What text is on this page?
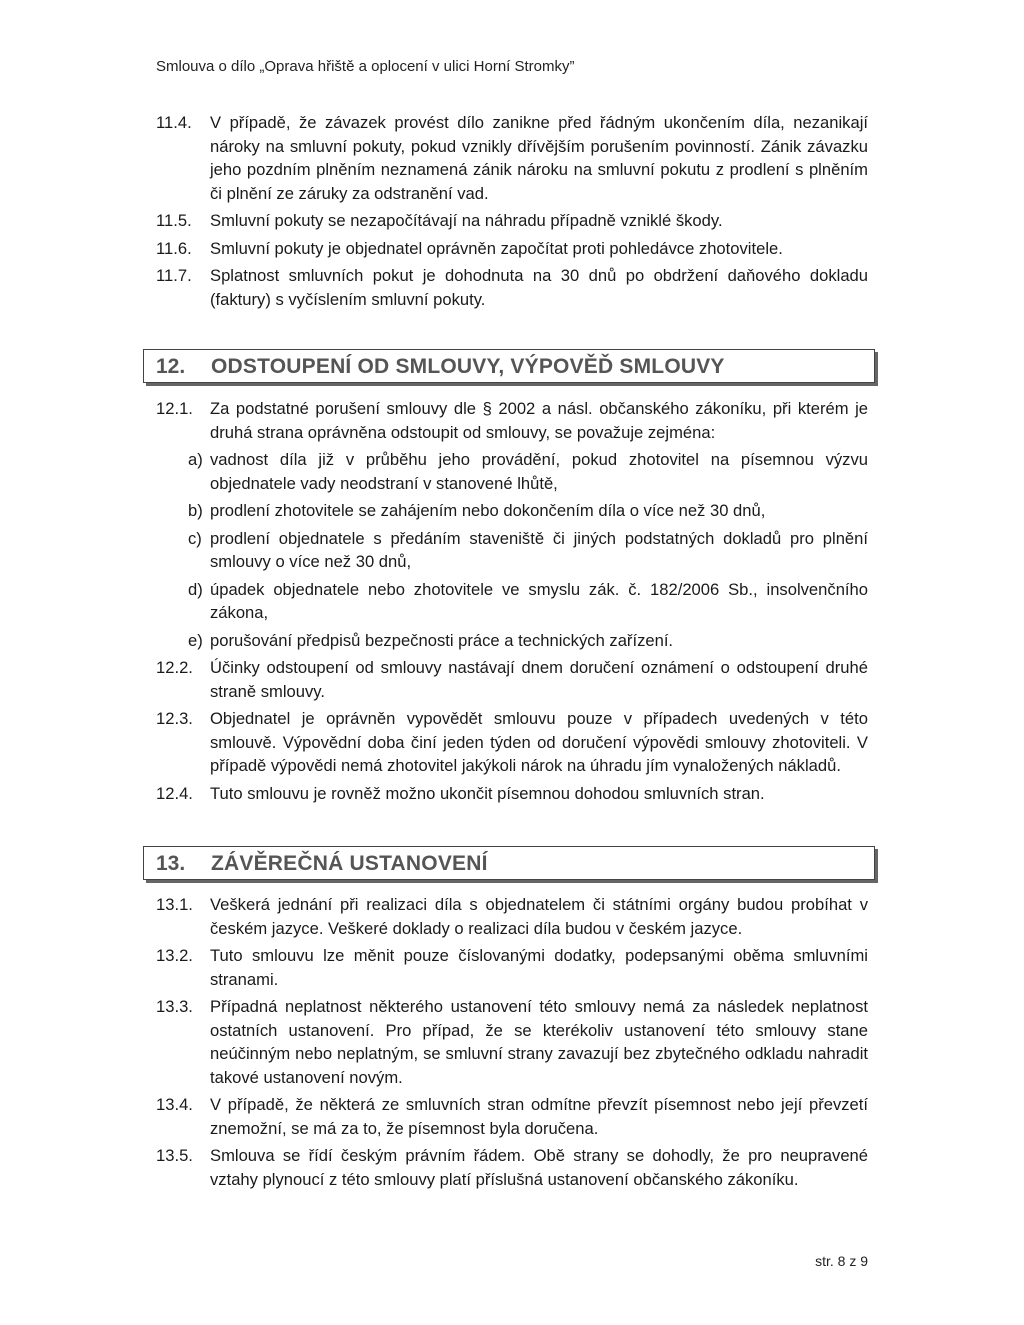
Smlouva o dílo „Oprava hřiště a oplocení v ulici Horní Stromky”
11.4. V případě, že závazek provést dílo zanikne před řádným ukončením díla, nezanikají nároky na smluvní pokuty, pokud vznikly dřívějším porušením povinností. Zánik závazku jeho pozdním plněním neznamená zánik nároku na smluvní pokutu z prodlení s plněním či plnění ze záruky za odstranění vad.
11.5. Smluvní pokuty se nezapočítávají na náhradu případně vzniklé škody.
11.6. Smluvní pokuty je objednatel oprávněn započítat proti pohledávce zhotovitele.
11.7. Splatnost smluvních pokut je dohodnuta na 30 dnů po obdržení daňového dokladu (faktury) s vyčíslením smluvní pokuty.
12. ODSTOUPENÍ OD SMLOUVY, VÝPOVĚĎ SMLOUVY
12.1. Za podstatné porušení smlouvy dle § 2002 a násl. občanského zákoníku, při kterém je druhá strana oprávněna odstoupit od smlouvy, se považuje zejména:
a) vadnost díla již v průběhu jeho provádění, pokud zhotovitel na písemnou výzvu objednatele vady neodstraní v stanovené lhůtě,
b) prodlení zhotovitele se zahájením nebo dokončením díla o více než 30 dnů,
c) prodlení objednatele s předáním staveniště či jiných podstatných dokladů pro plnění smlouvy o více než 30 dnů,
d) úpadek objednatele nebo zhotovitele ve smyslu zák. č. 182/2006 Sb., insolvenčního zákona,
e) porušování předpisů bezpečnosti práce a technických zařízení.
12.2. Účinky odstoupení od smlouvy nastávají dnem doručení oznámení o odstoupení druhé straně smlouvy.
12.3. Objednatel je oprávněn vypovědět smlouvu pouze v případech uvedených v této smlouvě. Výpovědní doba činí jeden týden od doručení výpovědi smlouvy zhotoviteli. V případě výpovědi nemá zhotovitel jakýkoli nárok na úhradu jím vynaložených nákladů.
12.4. Tuto smlouvu je rovněž možno ukončit písemnou dohodou smluvních stran.
13. ZÁVĚREČNÁ USTANOVENÍ
13.1. Veškerá jednání při realizaci díla s objednatelem či státními orgány budou probíhat v českém jazyce. Veškeré doklady o realizaci díla budou v českém jazyce.
13.2. Tuto smlouvu lze měnit pouze číslovanými dodatky, podepsanými oběma smluvními stranami.
13.3. Případná neplatnost některého ustanovení této smlouvy nemá za následek neplatnost ostatních ustanovení. Pro případ, že se kterékoliv ustanovení této smlouvy stane neúčinným nebo neplatným, se smluvní strany zavazují bez zbytečného odkladu nahradit takové ustanovení novým.
13.4. V případě, že některá ze smluvních stran odmítne převzít písemnost nebo její převzetí znemožní, se má za to, že písemnost byla doručena.
13.5. Smlouva se řídí českým právním řádem. Obě strany se dohodly, že pro neupravené vztahy plynoucí z této smlouvy platí příslušná ustanovení občanského zákoníku.
str. 8 z 9
